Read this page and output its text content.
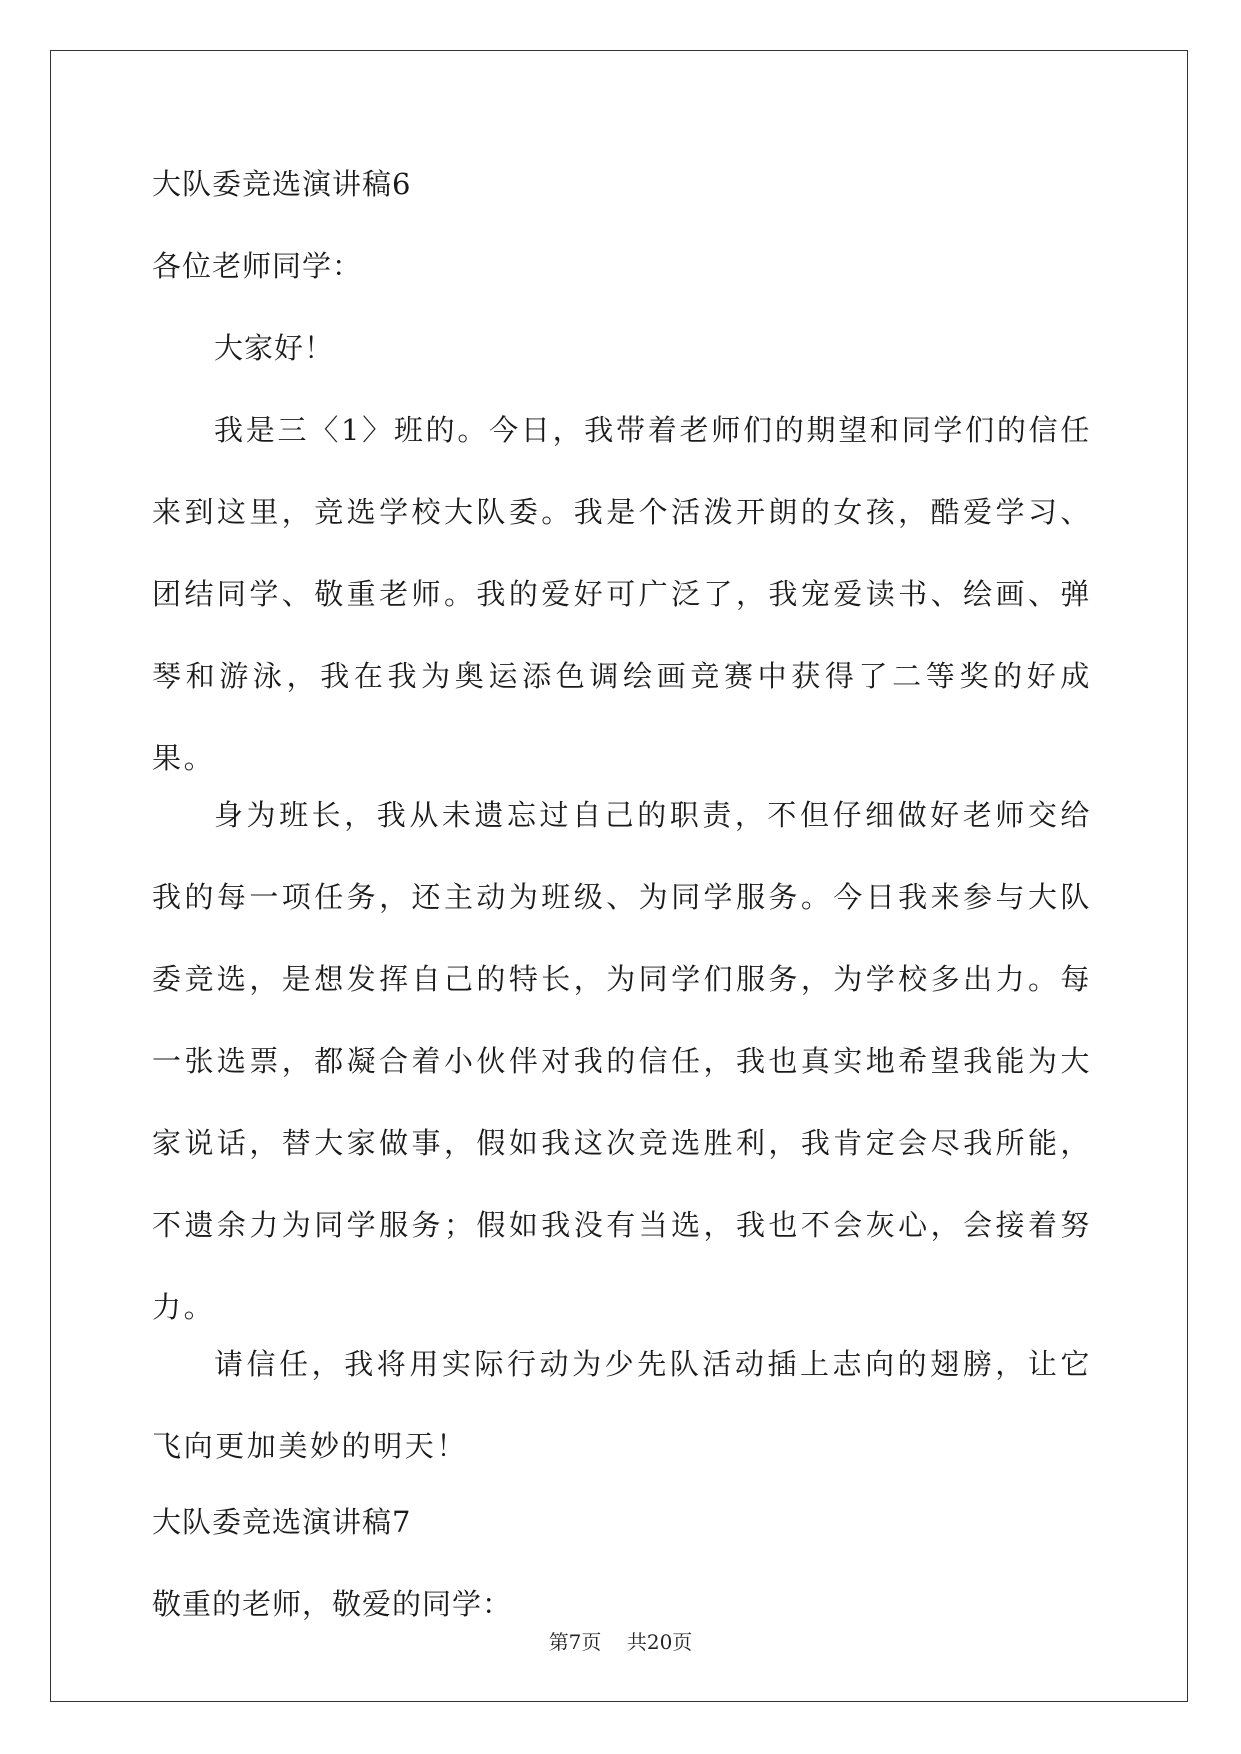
大队委竞选演讲稿6
各位老师同学：
大家好！

我是三〈1〉班的。今日，我带着老师们的期望和同学们的信任来到这里，竞选学校大队委。我是个活泼开朗的女孩，酷爱学习、团结同学、敬重老师。我的爱好可广泛了，我宠爱读书、绘画、弹琴和游泳，我在我为奥运添色调绘画竞赛中获得了二等奖的好成果。

身为班长，我从未遗忘过自己的职责，不但仔细做好老师交给我的每一项任务，还主动为班级、为同学服务。今日我来参与大队委竞选，是想发挥自己的特长，为同学们服务，为学校多出力。每一张选票，都凝合着小伙伴对我的信任，我也真实地希望我能为大家说话，替大家做事，假如我这次竞选胜利，我肯定会尽我所能，不遗余力为同学服务；假如我没有当选，我也不会灰心，会接着努力。

请信任，我将用实际行动为少先队活动插上志向的翅膀，让它飞向更加美妙的明天！

大队委竞选演讲稿7
敬重的老师，敬爱的同学：
第7页    共20页
